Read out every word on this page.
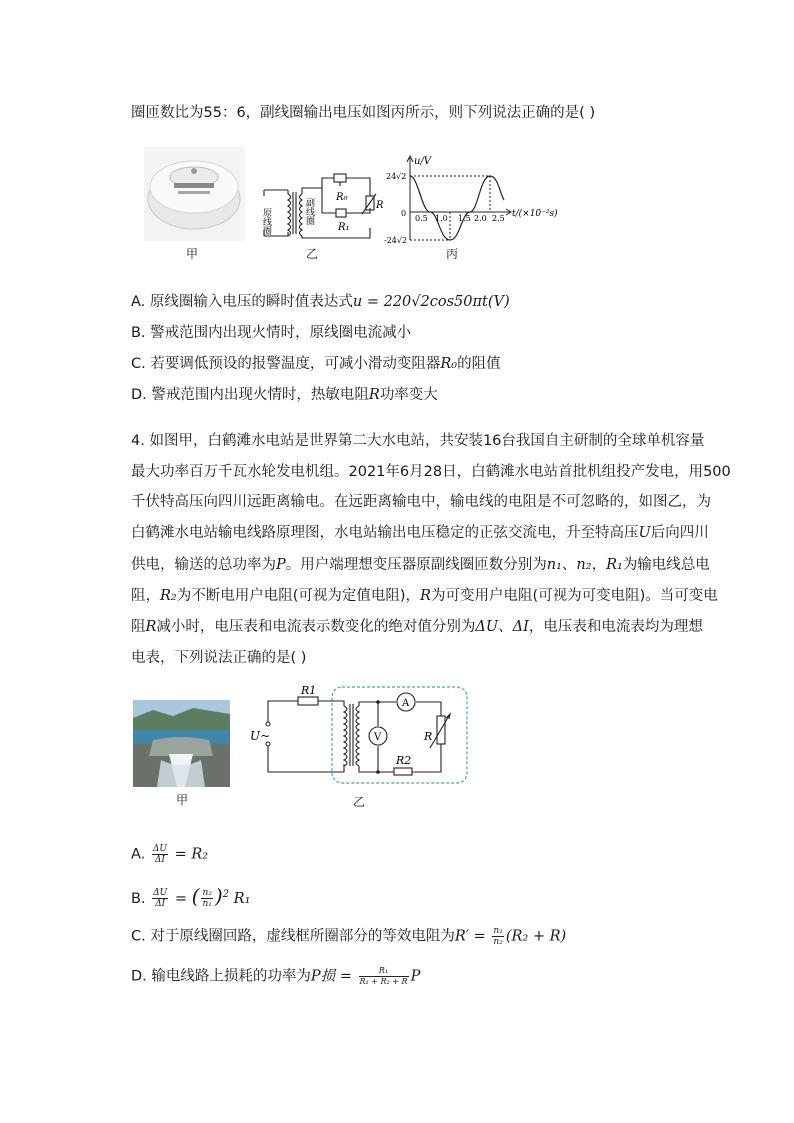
圈匝数比为55：6，副线圈输出电压如图丙所示，则下列说法正确的是( )
原线圈	副线圈
R₀
R
R₁
u/V
t/(×10⁻²s)
24√2
-24√2
0
0.5 1.0 1.5 2.0 2.5
甲	乙	丙
A. 原线圈输入电压的瞬时值表达式u = 220√2cos50πt(V)
B. 警戒范围内出现火情时，原线圈电流减小
C. 若要调低预设的报警温度，可减小滑动变阻器R₀的阻值
D. 警戒范围内出现火情时，热敏电阻R功率变大
4. 如图甲，白鹤滩水电站是世界第二大水电站，共安装16台我国自主研制的全球单机容量
最大功率百万千瓦水轮发电机组。2021年6月28日，白鹤滩水电站首批机组投产发电，用500
千伏特高压向四川远距离输电。在远距离输电中，输电线的电阻是不可忽略的，如图乙，为
白鹤滩水电站输电线路原理图，水电站输出电压稳定的正弦交流电，升至特高压U后向四川
供电，输送的总功率为P。用户端理想变压器原副线圈匝数分别为n₁、n₂，R₁为输电线总电
阻，R₂为不断电用户电阻(可视为定值电阻)，R为可变用户电阻(可视为可变电阻)。当可变电
阻R减小时，电压表和电流表示数变化的绝对值分别为ΔU、ΔI，电压表和电流表均为理想
电表，下列说法正确的是( )
R1
U~
A
V	R
R2
甲	乙
A. $\frac{\Delta U}{\Delta I} = R_2$
B. $\frac{\Delta U}{\Delta I}$ = ( $\frac{\text{n₂}}{\text{n₁}} )^2$ R₁
C. 对于原线圈回路，虚线框所圈部分的等效电阻为$R' = \frac{\text{n₁}}{\text{n₂}} (R_2 + R)$
D. 输电线路上损耗的功率为P损 = $\frac{\text{R₁}}{\text{R₁ + R₂ + R}}$ P
